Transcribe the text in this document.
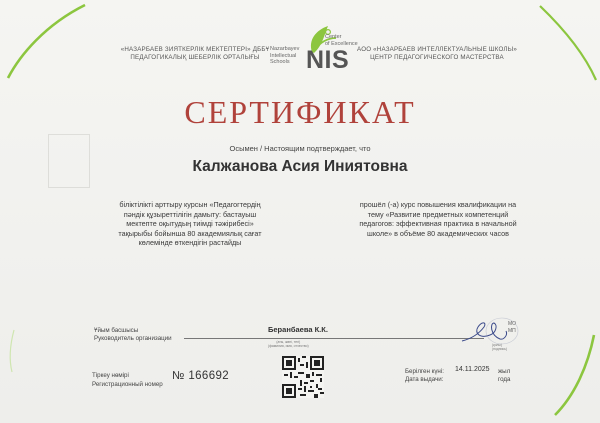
«НАЗАРБАЕВ ЗИЯТКЕРЛІК МЕКТЕПТЕРІ» ДББҰ
ПЕДАГОГИКАЛЫҚ ШЕБЕРЛІК ОРТАЛЫҒЫ
Nazarbayev
Intellectual
Schools
Center
of Excellence
NIS	АОО «НАЗАРБАЕВ ИНТЕЛЛЕКТУАЛЬНЫЕ ШКОЛЫ»
ЦЕНТР ПЕДАГОГИЧЕСКОГО МАСТЕРСТВА
СЕРТИФИКАТ
Осымен / Настоящим подтверждает, что
Калжанова Асия Иниятовна
біліктілікті арттыру курсын «Педагогтердің
пәндік құзыреттілігін дамыту: бастауыш
мектепте оқытудың тиімді тәжірибесі»
тақырыбы бойынша 80 академиялық сағат
көлемінде өткендігін растайды
прошёл (-а) курс повышения квалификации на
тему «Развитие предметных компетенций
педагогов: эффективная практика в начальной
школе» в объёме 80 академических часов
Ұйым басшысы
Руководитель организации
Беранбаева К.К.
(аты, жөні, тегі)
(фамилия, имя, отчество)	(қолы)
(подпись)
МО
МП
Тіркеу нөмірі
Регистрационный номер
№ 166692	Берілген күні:
Дата выдачи:
14.11.2025 жыл
года
